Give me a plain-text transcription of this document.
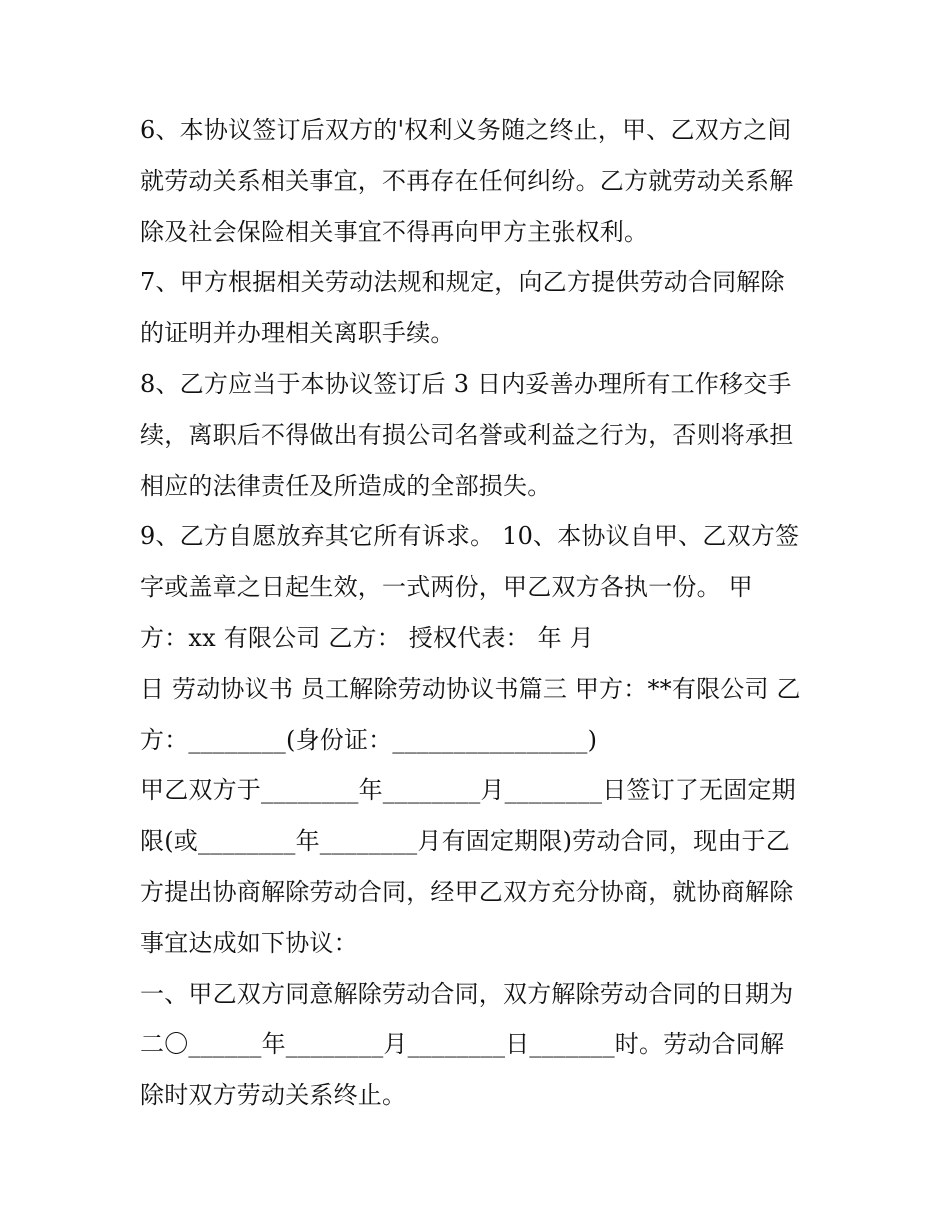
6、本协议签订后双方的'权利义务随之终止，甲、乙双方之间
就劳动关系相关事宜，不再存在任何纠纷。乙方就劳动关系解
除及社会保险相关事宜不得再向甲方主张权利。
7、甲方根据相关劳动法规和规定，向乙方提供劳动合同解除
的证明并办理相关离职手续。
8、乙方应当于本协议签订后 3 日内妥善办理所有工作移交手
续，离职后不得做出有损公司名誉或利益之行为，否则将承担
相应的法律责任及所造成的全部损失。
9、乙方自愿放弃其它所有诉求。 10、本协议自甲、乙双方签
字或盖章之日起生效，一式两份，甲乙双方各执一份。 甲
方：xx 有限公司 乙方： 授权代表： 年 月
日 劳动协议书 员工解除劳动协议书篇三 甲方：**有限公司 乙
方：________(身份证：________________)
甲乙双方于________年________月________日签订了无固定期
限(或________年________月有固定期限)劳动合同，现由于乙
方提出协商解除劳动合同，经甲乙双方充分协商，就协商解除
事宜达成如下协议：
一、甲乙双方同意解除劳动合同，双方解除劳动合同的日期为
二〇______年________月________日_______时。劳动合同解
除时双方劳动关系终止。
